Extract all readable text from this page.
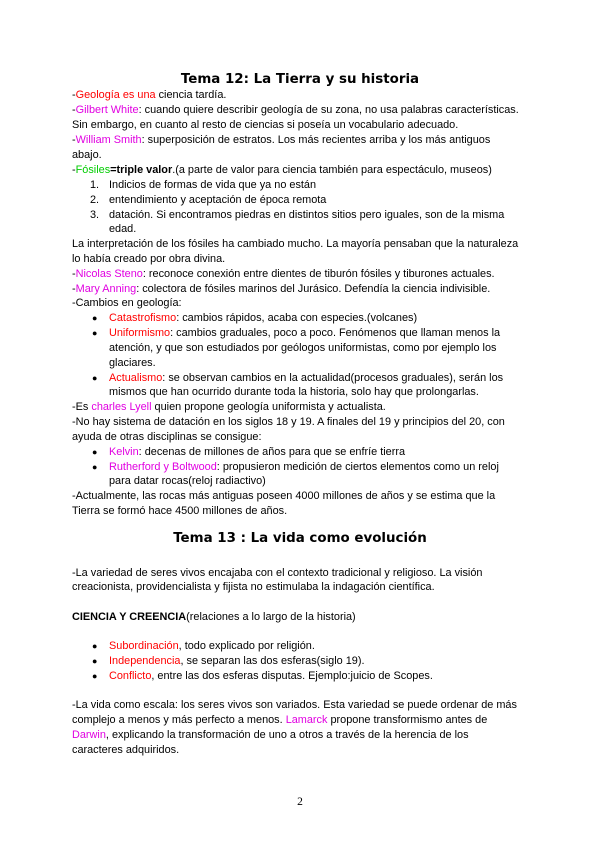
Tema 12: La Tierra y su historia
-Geología es una ciencia tardía.
-Gilbert White: cuando quiere describir geología de su zona, no usa palabras características.
Sin embargo, en cuanto al resto de ciencias si poseía un vocabulario adecuado.
-William Smith: superposición de estratos. Los más recientes arriba y los más antiguos
abajo.
-Fósiles=triple valor.(a parte de valor para ciencia también para espectáculo, museos)
1. Indicios de formas de vida que ya no están
2. entendimiento y aceptación de época remota
3. datación. Si encontramos piedras en distintos sitios pero iguales, son de la misma
edad.
La interpretación de los fósiles ha cambiado mucho. La mayoría pensaban que la naturaleza
lo había creado por obra divina.
-Nicolas Steno: reconoce conexión entre dientes de tiburón fósiles y tiburones actuales.
-Mary Anning: colectora de fósiles marinos del Jurásico. Defendía la ciencia indivisible.
-Cambios en geología:
● Catastrofismo: cambios rápidos, acaba con especies.(volcanes)
● Uniformismo: cambios graduales, poco a poco. Fenómenos que llaman menos la
atención, y que son estudiados por geólogos uniformistas, como por ejemplo los
glaciares.
● Actualismo: se observan cambios en la actualidad(procesos graduales), serán los
mismos que han ocurrido durante toda la historia, solo hay que prolongarlas.
-Es charles Lyell quien propone geología uniformista y actualista.
-No hay sistema de datación en los siglos 18 y 19. A finales del 19 y principios del 20, con
ayuda de otras disciplinas se consigue:
● Kelvin: decenas de millones de años para que se enfríe tierra
● Rutherford y Boltwood: propusieron medición de ciertos elementos como un reloj
para datar rocas(reloj radiactivo)
-Actualmente, las rocas más antiguas poseen 4000 millones de años y se estima que la
Tierra se formó hace 4500 millones de años.
Tema 13 : La vida como evolución
-La variedad de seres vivos encajaba con el contexto tradicional y religioso. La visión
creacionista, providencialista y fijista no estimulaba la indagación científica.
CIENCIA Y CREENCIA(relaciones a lo largo de la historia)
● Subordinación, todo explicado por religión.
● Independencia, se separan las dos esferas(siglo 19).
● Conflicto, entre las dos esferas disputas. Ejemplo:juicio de Scopes.
-La vida como escala: los seres vivos son variados. Esta variedad se puede ordenar de más
complejo a menos y más perfecto a menos. Lamarck propone transformismo antes de
Darwin, explicando la transformación de uno a otros a través de la herencia de los
caracteres adquiridos.
2
